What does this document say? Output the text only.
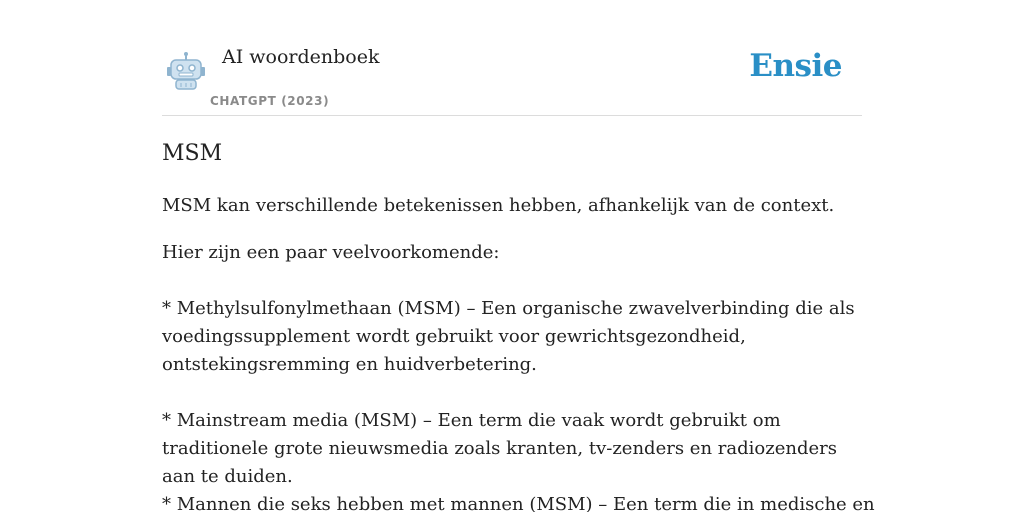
AI woordenboek
CHATGPT (2023)
Ensie
MSM
MSM kan verschillende betekenissen hebben, afhankelijk van de context.
Hier zijn een paar veelvoorkomende:
* Methylsulfonylmethaan (MSM) – Een organische zwavelverbinding die als voedingssupplement wordt gebruikt voor gewrichtsgezondheid, ontstekingsremming en huidverbetering.
* Mainstream media (MSM) – Een term die vaak wordt gebruikt om traditionele grote nieuwsmedia zoals kranten, tv-zenders en radiozenders aan te duiden.
* Mannen die seks hebben met mannen (MSM) – Een term die in medische en
